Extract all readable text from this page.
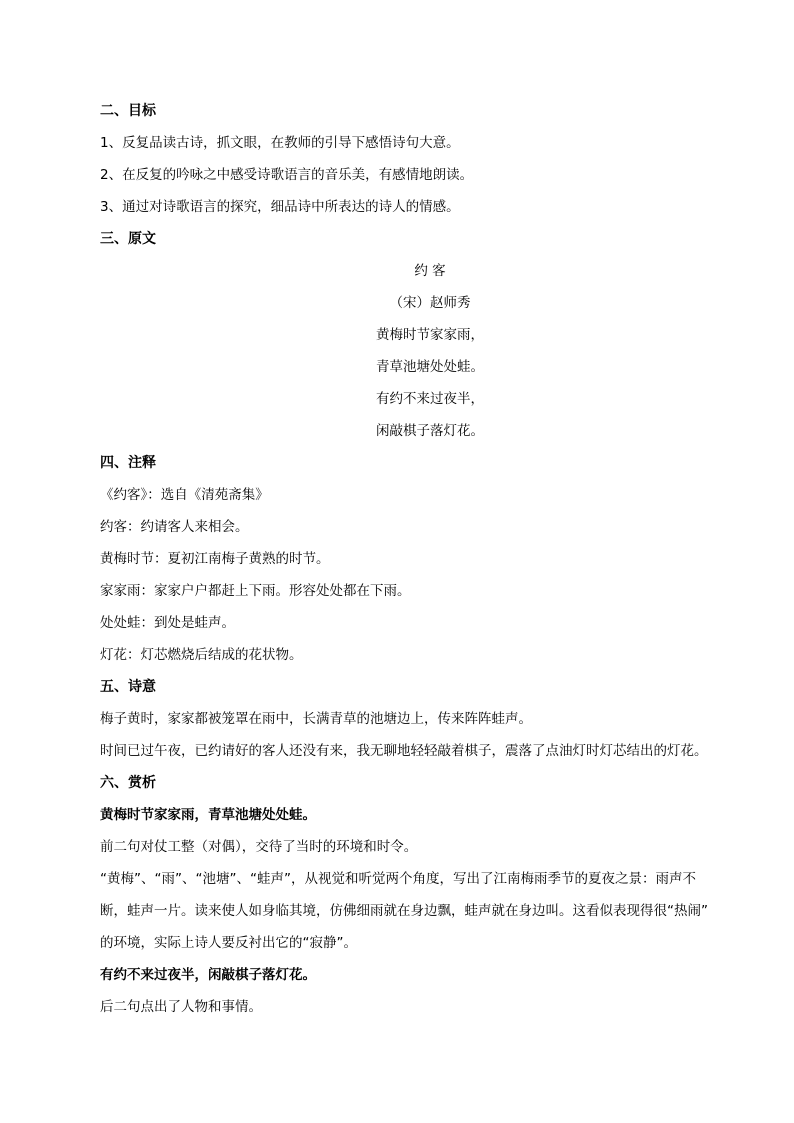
二、目标
1、反复品读古诗，抓文眼，在教师的引导下感悟诗句大意。
2、在反复的吟咏之中感受诗歌语言的音乐美，有感情地朗读。
3、通过对诗歌语言的探究，细品诗中所表达的诗人的情感。
三、原文
约 客
（宋）赵师秀
黄梅时节家家雨，
青草池塘处处蛙。
有约不来过夜半，
闲敲棋子落灯花。
四、注释
《约客》：选自《清苑斋集》
约客：约请客人来相会。
黄梅时节：夏初江南梅子黄熟的时节。
家家雨：家家户户都赶上下雨。形容处处都在下雨。
处处蛙：到处是蛙声。
灯花：灯芯燃烧后结成的花状物。
五、诗意
梅子黄时，家家都被笼罩在雨中，长满青草的池塘边上，传来阵阵蛙声。
时间已过午夜，已约请好的客人还没有来，我无聊地轻轻敲着棋子，震落了点油灯时灯芯结出的灯花。
六、赏析
黄梅时节家家雨，青草池塘处处蛙。
前二句对仗工整（对偶），交待了当时的环境和时令。
“黄梅”、“雨”、“池塘”、“蛙声”，从视觉和听觉两个角度，写出了江南梅雨季节的夏夜之景：雨声不
断，蛙声一片。读来使人如身临其境，仿佛细雨就在身边飘，蛙声就在身边叫。这看似表现得很“热闹”
的环境，实际上诗人要反衬出它的“寂静”。
有约不来过夜半，闲敲棋子落灯花。
后二句点出了人物和事情。
